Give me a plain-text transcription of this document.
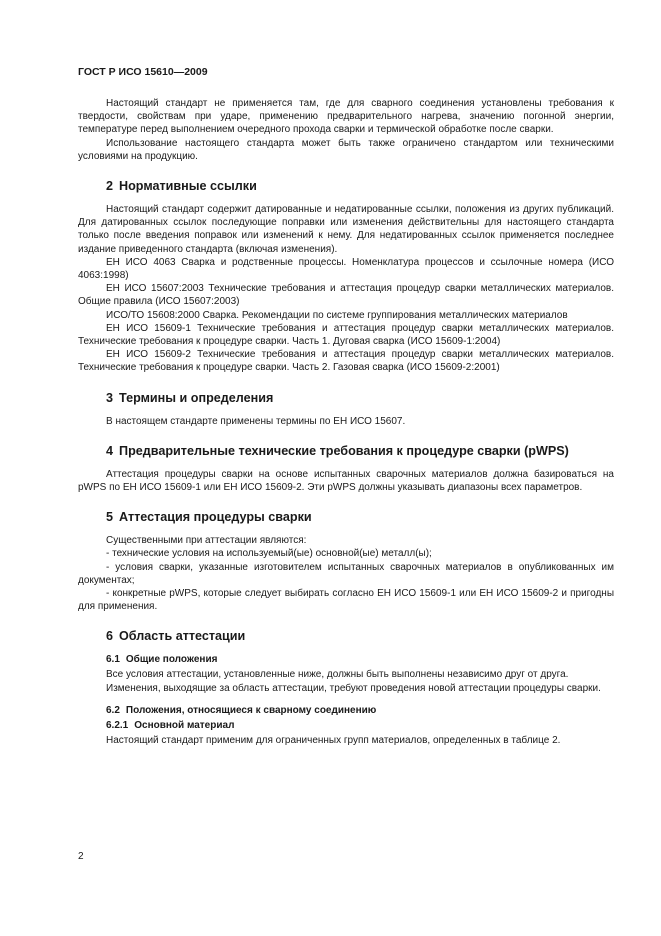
ГОСТ Р ИСО 15610—2009

Настоящий стандарт не применяется там, где для сварного соединения установлены требования к твердости, свойствам при ударе, применению предварительного нагрева, значению погонной энергии, температуре перед выполнением очередного прохода сварки и термической обработке после сварки.

Использование настоящего стандарта может быть также ограничено стандартом или техническими условиями на продукцию.

2 Нормативные ссылки

Настоящий стандарт содержит датированные и недатированные ссылки, положения из других публикаций. Для датированных ссылок последующие поправки или изменения действительны для настоящего стандарта только после введения поправок или изменений к нему. Для недатированных ссылок применяется последнее издание приведенного стандарта (включая изменения).

ЕН ИСО 4063 Сварка и родственные процессы. Номенклатура процессов и ссылочные номера (ИСО 4063:1998)

ЕН ИСО 15607:2003 Технические требования и аттестация процедур сварки металлических материалов. Общие правила (ИСО 15607:2003)

ИСО/ТО 15608:2000 Сварка. Рекомендации по системе группирования металлических материалов

ЕН ИСО 15609-1 Технические требования и аттестация процедур сварки металлических материалов. Технические требования к процедуре сварки. Часть 1. Дуговая сварка (ИСО 15609-1:2004)

ЕН ИСО 15609-2 Технические требования и аттестация процедур сварки металлических материалов. Технические требования к процедуре сварки. Часть 2. Газовая сварка (ИСО 15609-2:2001)

3 Термины и определения

В настоящем стандарте применены термины по ЕН ИСО 15607.

4 Предварительные технические требования к процедуре сварки (pWPS)

Аттестация процедуры сварки на основе испытанных сварочных материалов должна базироваться на pWPS по ЕН ИСО 15609-1 или ЕН ИСО 15609-2. Эти pWPS должны указывать диапазоны всех параметров.

5 Аттестация процедуры сварки

Существенными при аттестации являются:

- технические условия на используемый(ые) основной(ые) металл(ы);

- условия сварки, указанные изготовителем испытанных сварочных материалов в опубликованных им документах;

- конкретные pWPS, которые следует выбирать согласно ЕН ИСО 15609-1 или ЕН ИСО 15609-2 и пригодны для применения.

6 Область аттестации
6.1 Общие положения

Все условия аттестации, установленные ниже, должны быть выполнены независимо друг от друга.

Изменения, выходящие за область аттестации, требуют проведения новой аттестации процедуры сварки.

6.2 Положения, относящиеся к сварному соединению
6.2.1 Основной материал

Настоящий стандарт применим для ограниченных групп материалов, определенных в таблице 2.

2
